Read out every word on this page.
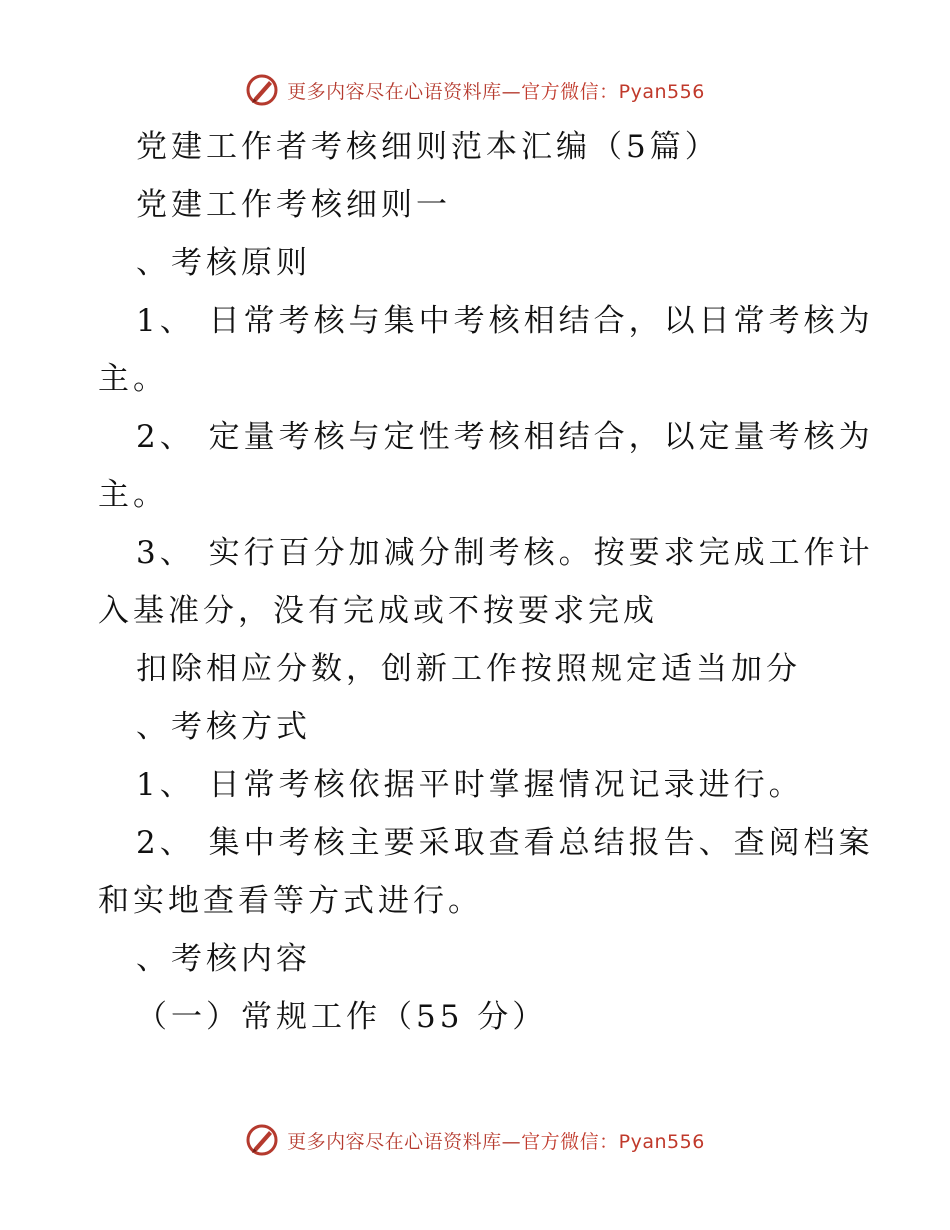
更多内容尽在心语资料库—官方微信：Pyan556
党建工作者考核细则范本汇编（5篇）
党建工作考核细则一
、考核原则
1、 日常考核与集中考核相结合，以日常考核为
主。
2、 定量考核与定性考核相结合，以定量考核为
主。
3、 实行百分加减分制考核。按要求完成工作计
入基准分，没有完成或不按要求完成
扣除相应分数，创新工作按照规定适当加分
、考核方式
1、 日常考核依据平时掌握情况记录进行。
2、 集中考核主要采取查看总结报告、查阅档案
和实地查看等方式进行。
、考核内容
（一）常规工作（55 分）
更多内容尽在心语资料库—官方微信：Pyan556
